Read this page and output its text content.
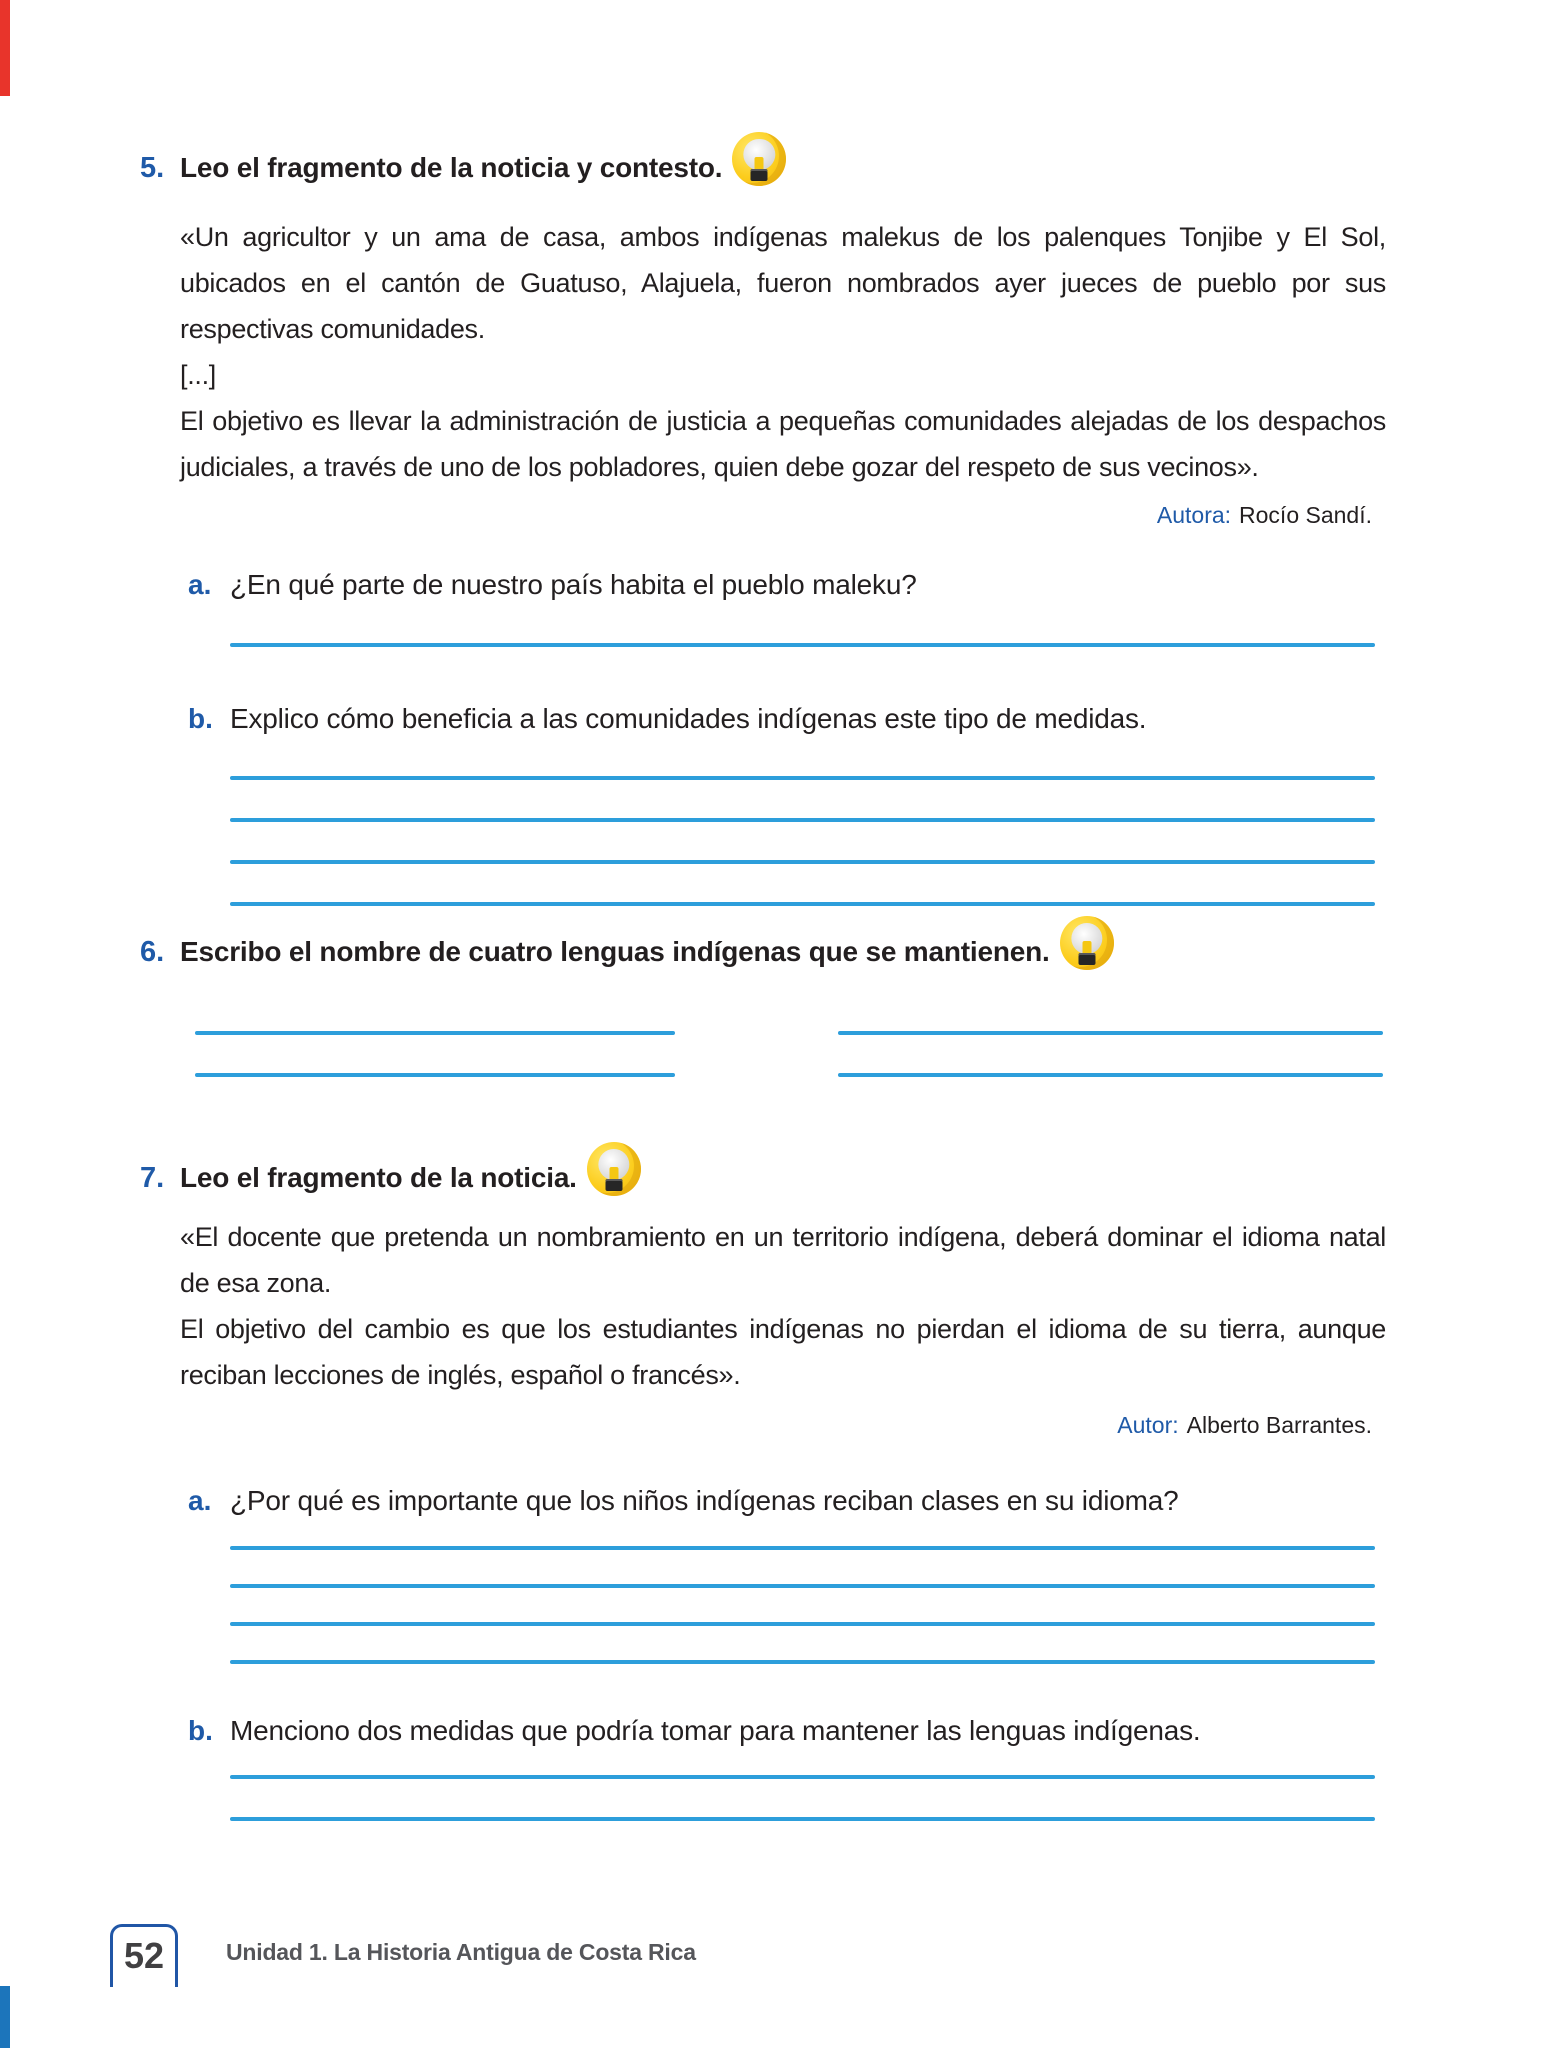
5. Leo el fragmento de la noticia y contesto.

«Un agricultor y un ama de casa, ambos indígenas malekus de los palenques Tonjibe y El Sol, ubicados en el cantón de Guatuso, Alajuela, fueron nombrados ayer jueces de pueblo por sus respectivas comunidades.

[...]

El objetivo es llevar la administración de justicia a pequeñas comunidades alejadas de los despachos judiciales, a través de uno de los pobladores, quien debe gozar del respeto de sus vecinos».

Autora: Rocío Sandí.
a. ¿En qué parte de nuestro país habita el pueblo maleku?
b. Explico cómo beneficia a las comunidades indígenas este tipo de medidas.
6. Escribo el nombre de cuatro lenguas indígenas que se mantienen.
7. Leo el fragmento de la noticia.

«El docente que pretenda un nombramiento en un territorio indígena, deberá dominar el idioma natal de esa zona.

El objetivo del cambio es que los estudiantes indígenas no pierdan el idioma de su tierra, aunque reciban lecciones de inglés, español o francés».

Autor: Alberto Barrantes.
a. ¿Por qué es importante que los niños indígenas reciban clases en su idioma?
b. Menciono dos medidas que podría tomar para mantener las lenguas indígenas.
52	Unidad 1. La Historia Antigua de Costa Rica
